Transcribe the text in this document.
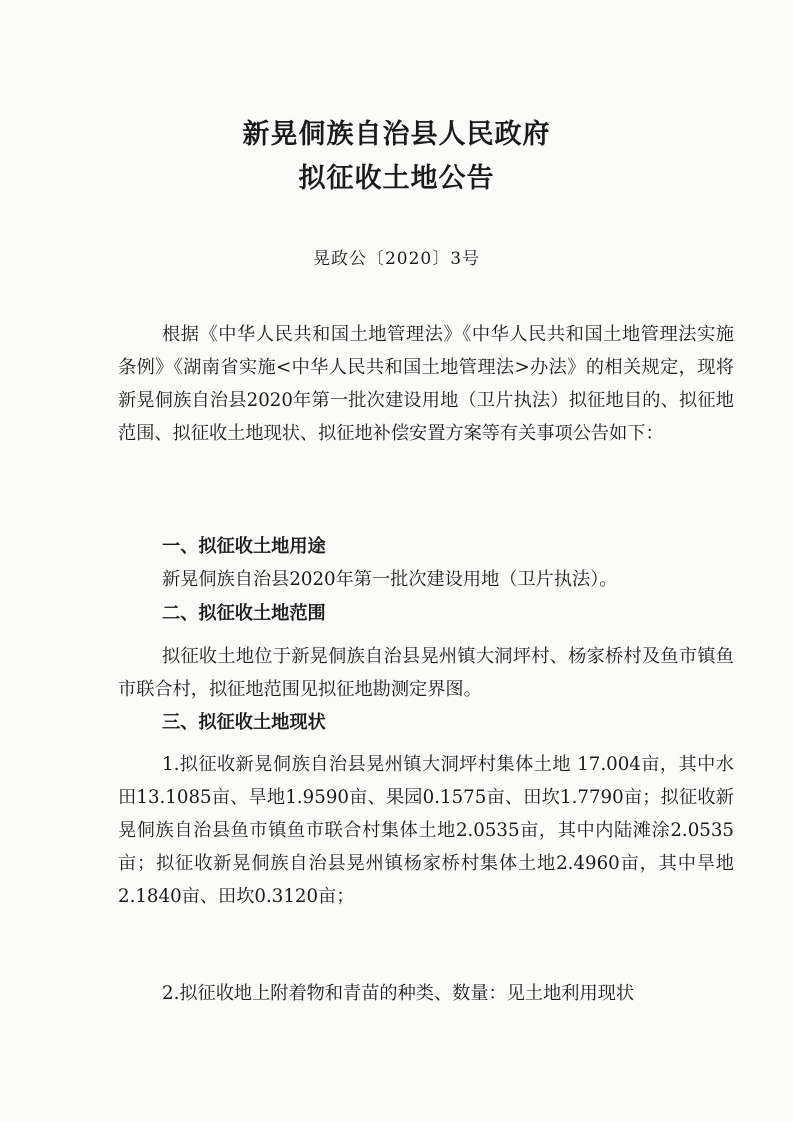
新晃侗族自治县人民政府
拟征收土地公告
晃政公〔2020〕3号
根据《中华人民共和国土地管理法》《中华人民共和国土地管理法实施条例》《湖南省实施<中华人民共和国土地管理法>办法》的相关规定，现将新晃侗族自治县2020年第一批次建设用地（卫片执法）拟征地目的、拟征地范围、拟征收土地现状、拟征地补偿安置方案等有关事项公告如下：
一、拟征收土地用途
新晃侗族自治县2020年第一批次建设用地（卫片执法）。
二、拟征收土地范围
拟征收土地位于新晃侗族自治县晃州镇大洞坪村、杨家桥村及鱼市镇鱼市联合村，拟征地范围见拟征地勘测定界图。
三、拟征收土地现状
1.拟征收新晃侗族自治县晃州镇大洞坪村集体土地 17.004亩，其中水田13.1085亩、旱地1.9590亩、果园0.1575亩、田坎1.7790亩；拟征收新晃侗族自治县鱼市镇鱼市联合村集体土地2.0535亩，其中内陆滩涂2.0535亩；拟征收新晃侗族自治县晃州镇杨家桥村集体土地2.4960亩，其中旱地2.1840亩、田坎0.3120亩；
2.拟征收地上附着物和青苗的种类、数量：见土地利用现状
